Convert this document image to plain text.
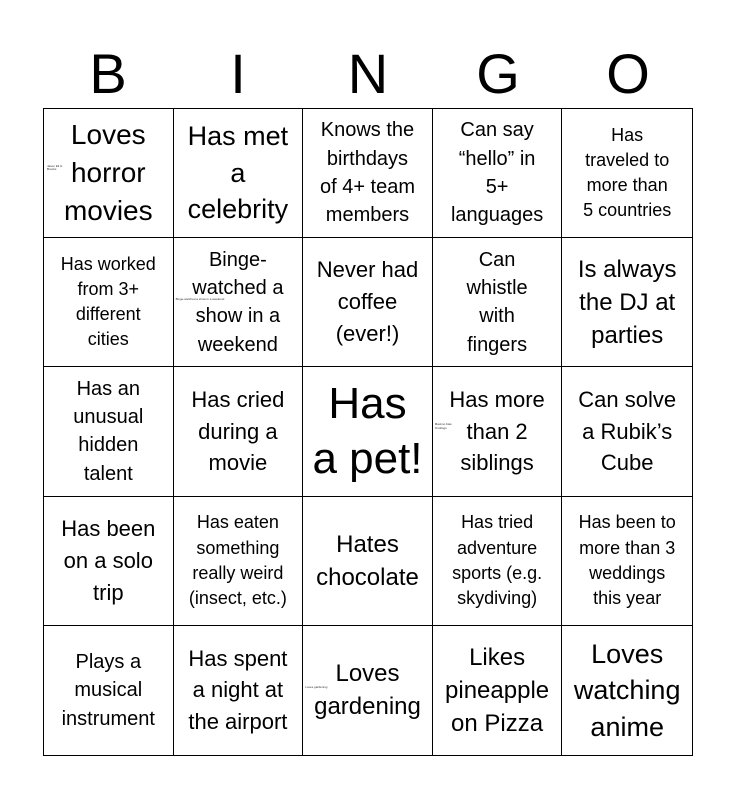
B	I	N	G	O
Jason Eli G
Brooks
Loves
horror
movies
Has met
a
celebrity
Knows the
birthdays
of 4+ team
members
Can say
“hello” in
5+
languages
Has
traveled to
more than
5 countries
Has worked
from 3+
different
cities
Binge-watched a show in a weekend
Binge-
watched a
show in a
weekend
Never had
coffee
(ever!)
Can
whistle
with
fingers
Is always
the DJ at
parties
Has an
unusual
hidden
talent
Has cried
during a
movie
Has
a pet!
Maximo bias
Onollogo
Has more
than 2
siblings
Can solve
a Rubik’s
Cube
Has been
on a solo
trip
Has eaten
something
really weird
(insect, etc.)
Hates
chocolate
Has tried
adventure
sports (e.g.
skydiving)
Has been to
more than 3
weddings
this year
Plays a
musical
instrument
Has spent
a night at
the airport
Loves gardening Loves
gardening
Likes
pineapple
on Pizza
Loves
watching
anime
